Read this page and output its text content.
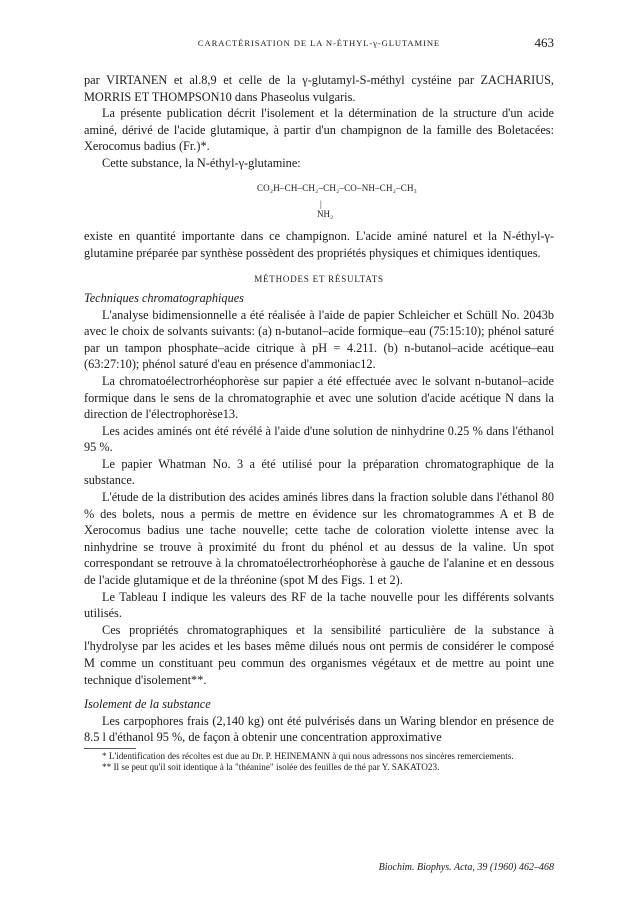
CARACTÉRISATION DE LA N-ÉTHYL-γ-GLUTAMINE	463

par VIRTANEN et al.8,9 et celle de la γ-glutamyl-S-méthyl cystéine par ZACHARIUS, MORRIS ET THOMPSON10 dans Phaseolus vulgaris.

La présente publication décrit l'isolement et la détermination de la structure d'un acide aminé, dérivé de l'acide glutamique, à partir d'un champignon de la famille des Boletacées: Xerocomus badius (Fr.)*.

Cette substance, la N-éthyl-γ-glutamine:

CO₂H–CH–CH₂–CH₂–CO–NH–CH₂–CH₃
|
NH₂

existe en quantité importante dans ce champignon. L'acide aminé naturel et la N-éthyl-γ-glutamine préparée par synthèse possèdent des propriétés physiques et chimiques identiques.

MÉTHODES ET RÉSULTATS

Techniques chromatographiques

L'analyse bidimensionnelle a été réalisée à l'aide de papier Schleicher et Schüll No. 2043b avec le choix de solvants suivants: (a) n-butanol–acide formique–eau (75:15:10); phénol saturé par un tampon phosphate–acide citrique à pH = 4.211. (b) n-butanol–acide acétique–eau (63:27:10); phénol saturé d'eau en présence d'ammoniac12.

La chromatoélectrorhéophorèse sur papier a été effectuée avec le solvant n-butanol–acide formique dans le sens de la chromatographie et avec une solution d'acide acétique N dans la direction de l'électrophorèse13.

Les acides aminés ont été révélé à l'aide d'une solution de ninhydrine 0.25 % dans l'éthanol 95 %.

Le papier Whatman No. 3 a été utilisé pour la préparation chromatographique de la substance.

L'étude de la distribution des acides aminés libres dans la fraction soluble dans l'éthanol 80 % des bolets, nous a permis de mettre en évidence sur les chromatogrammes A et B de Xerocomus badius une tache nouvelle; cette tache de coloration violette intense avec la ninhydrine se trouve à proximité du front du phénol et au dessus de la valine. Un spot correspondant se retrouve à la chromatoélectrorhéophorèse à gauche de l'alanine et en dessous de l'acide glutamique et de la thréonine (spot M des Figs. 1 et 2).

Le Tableau I indique les valeurs des RF de la tache nouvelle pour les différents solvants utilisés.

Ces propriétés chromatographiques et la sensibilité particulière de la substance à l'hydrolyse par les acides et les bases même dilués nous ont permis de considérer le composé M comme un constituant peu commun des organismes végétaux et de mettre au point une technique d'isolement**.

Isolement de la substance

Les carpophores frais (2,140 kg) ont été pulvérisés dans un Waring blendor en présence de 8.5 l d'éthanol 95 %, de façon à obtenir une concentration approximative

* L'identification des récoltes est due au Dr. P. HEINEMANN à qui nous adressons nos sincères remerciements.

** Il se peut qu'il soit identique à la "théanine" isolée des feuilles de thé par Y. SAKATO23.

Biochim. Biophys. Acta, 39 (1960) 462–468
